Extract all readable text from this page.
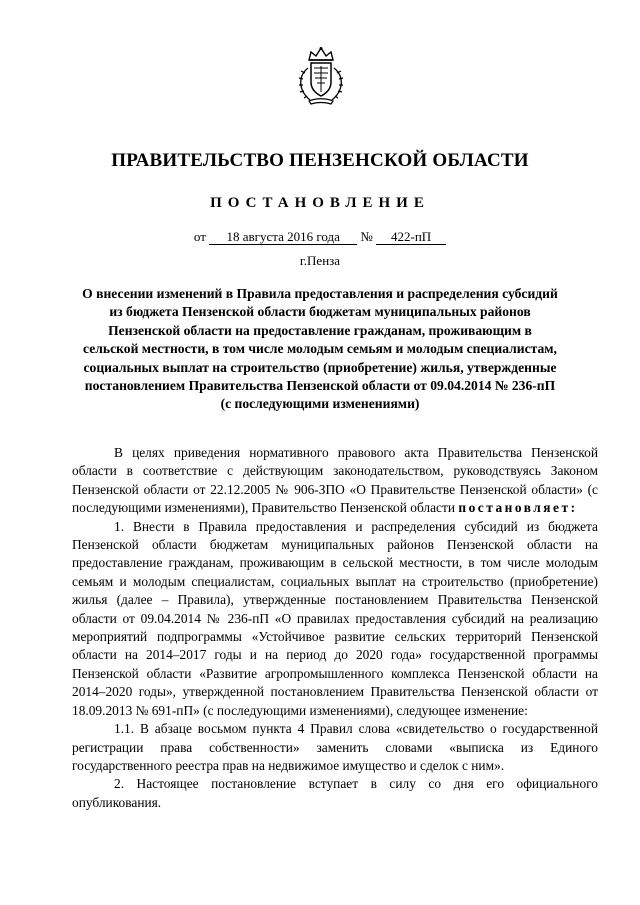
ПРАВИТЕЛЬСТВО ПЕНЗЕНСКОЙ ОБЛАСТИ
ПОСТАНОВЛЕНИЕ
от 18 августа 2016 года № 422-пП
г.Пенза
О внесении изменений в Правила предоставления и распределения субсидий из бюджета Пензенской области бюджетам муниципальных районов Пензенской области на предоставление гражданам, проживающим в сельской местности, в том числе молодым семьям и молодым специалистам, социальных выплат на строительство (приобретение) жилья, утвержденные постановлением Правительства Пензенской области от 09.04.2014 № 236-пП (с последующими изменениями)

В целях приведения нормативного правового акта Правительства Пензенской области в соответствие с действующим законодательством, руководствуясь Законом Пензенской области от 22.12.2005 № 906-ЗПО «О Правительстве Пензенской области» (с последующими изменениями), Правительство Пензенской области постановляет:

1. Внести в Правила предоставления и распределения субсидий из бюджета Пензенской области бюджетам муниципальных районов Пензенской области на предоставление гражданам, проживающим в сельской местности, в том числе молодым семьям и молодым специалистам, социальных выплат на строительство (приобретение) жилья (далее – Правила), утвержденные постановлением Правительства Пензенской области от 09.04.2014 № 236-пП «О правилах предоставления субсидий на реализацию мероприятий подпрограммы «Устойчивое развитие сельских территорий Пензенской области на 2014–2017 годы и на период до 2020 года» государственной программы Пензенской области «Развитие агропромышленного комплекса Пензенской области на 2014–2020 годы», утвержденной постановлением Правительства Пензенской области от 18.09.2013 № 691-пП» (с последующими изменениями), следующее изменение:

1.1. В абзаце восьмом пункта 4 Правил слова «свидетельство о государственной регистрации права собственности» заменить словами «выписка из Единого государственного реестра прав на недвижимое имущество и сделок с ним».

2. Настоящее постановление вступает в силу со дня его официального опубликования.
